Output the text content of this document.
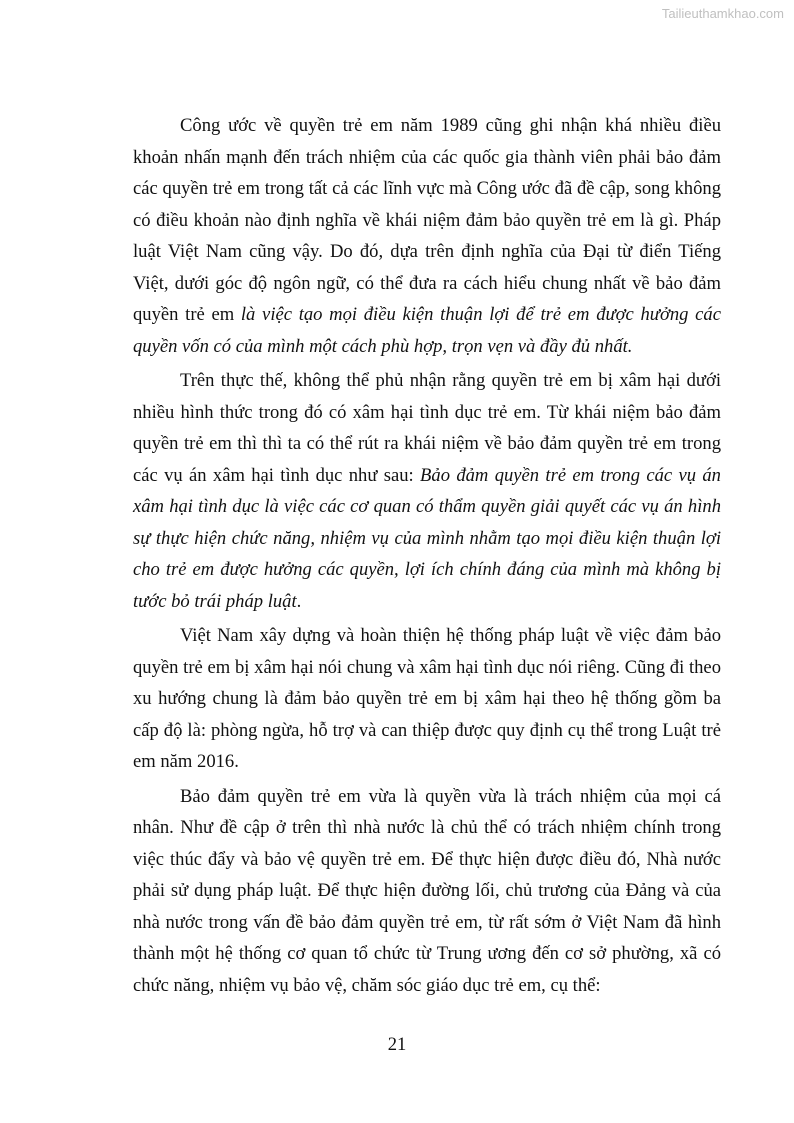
Tailieuthamkhao.com

Công ước về quyền trẻ em năm 1989 cũng ghi nhận khá nhiều điều khoản nhấn mạnh đến trách nhiệm của các quốc gia thành viên phải bảo đảm các quyền trẻ em trong tất cả các lĩnh vực mà Công ước đã đề cập, song không có điều khoản nào định nghĩa về khái niệm đảm bảo quyền trẻ em là gì. Pháp luật Việt Nam cũng vậy. Do đó, dựa trên định nghĩa của Đại từ điển Tiếng Việt, dưới góc độ ngôn ngữ, có thể đưa ra cách hiểu chung nhất về bảo đảm quyền trẻ em là việc tạo mọi điều kiện thuận lợi để trẻ em được hưởng các quyền vốn có của mình một cách phù hợp, trọn vẹn và đầy đủ nhất.

Trên thực thế, không thể phủ nhận rằng quyền trẻ em bị xâm hại dưới nhiều hình thức trong đó có xâm hại tình dục trẻ em. Từ khái niệm bảo đảm quyền trẻ em thì thì ta có thể rút ra khái niệm về bảo đảm quyền trẻ em trong các vụ án xâm hại tình dục như sau: Bảo đảm quyền trẻ em trong các vụ án xâm hại tình dục là việc các cơ quan có thẩm quyền giải quyết các vụ án hình sự thực hiện chức năng, nhiệm vụ của mình nhằm tạo mọi điều kiện thuận lợi cho trẻ em được hưởng các quyền, lợi ích chính đáng của mình mà không bị tước bỏ trái pháp luật.

Việt Nam xây dựng và hoàn thiện hệ thống pháp luật về việc đảm bảo quyền trẻ em bị xâm hại nói chung và xâm hại tình dục nói riêng. Cũng đi theo xu hướng chung là đảm bảo quyền trẻ em bị xâm hại theo hệ thống gồm ba cấp độ là: phòng ngừa, hỗ trợ và can thiệp được quy định cụ thể trong Luật trẻ em năm 2016.

Bảo đảm quyền trẻ em vừa là quyền vừa là trách nhiệm của mọi cá nhân. Như đề cập ở trên thì nhà nước là chủ thể có trách nhiệm chính trong việc thúc đẩy và bảo vệ quyền trẻ em. Để thực hiện được điều đó, Nhà nước phải sử dụng pháp luật. Để thực hiện đường lối, chủ trương của Đảng và của nhà nước trong vấn đề bảo đảm quyền trẻ em, từ rất sớm ở Việt Nam đã hình thành một hệ thống cơ quan tổ chức từ Trung ương đến cơ sở phường, xã có chức năng, nhiệm vụ bảo vệ, chăm sóc giáo dục trẻ em, cụ thể:

21
